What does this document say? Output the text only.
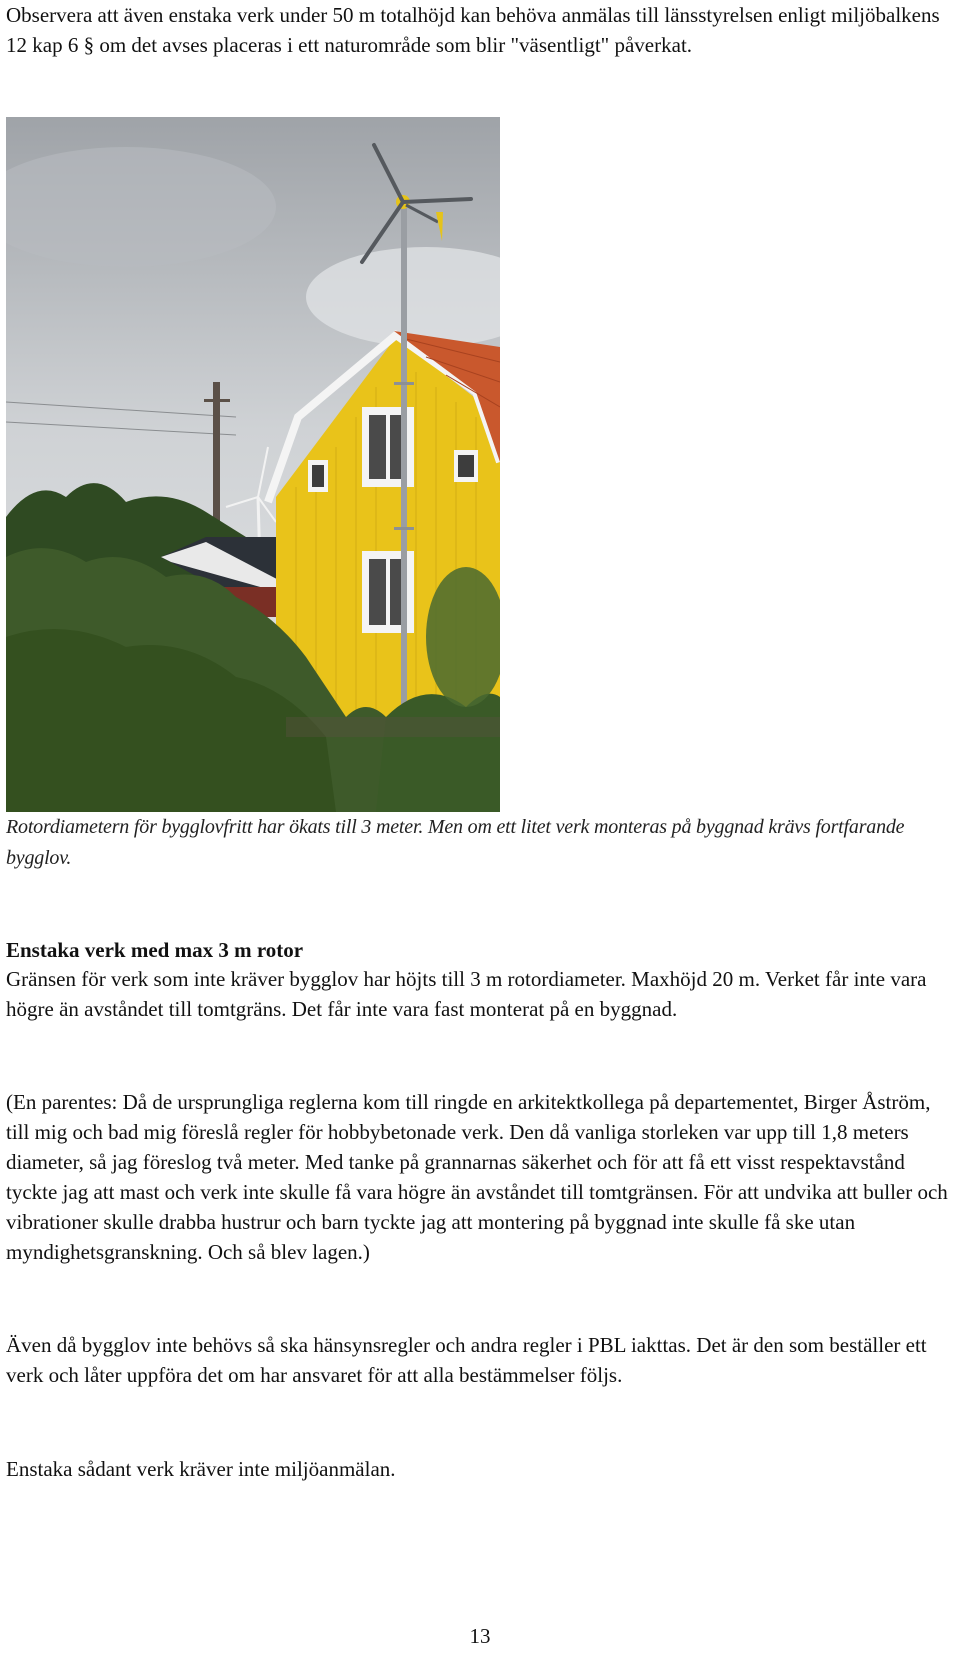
Observera att även enstaka verk under 50 m totalhöjd kan behöva anmälas till länsstyrelsen enligt miljöbalkens 12 kap 6 § om det avses placeras i ett naturområde som blir "väsentligt" påverkat.

Rotordiametern för bygglovfritt har ökats till 3 meter. Men om ett litet verk monteras på byggnad krävs fortfarande bygglov.

Enstaka verk med max 3 m rotor

Gränsen för verk som inte kräver bygglov har höjts till 3 m rotordiameter. Maxhöjd 20 m. Verket får inte vara högre än avståndet till tomtgräns. Det får inte vara fast monterat på en byggnad.

(En parentes: Då de ursprungliga reglerna kom till ringde en arkitektkollega på departementet, Birger Åström, till mig och bad mig föreslå regler för hobbybetonade verk. Den då vanliga storleken var upp till 1,8 meters diameter, så jag föreslog två meter. Med tanke på grannarnas säkerhet och för att få ett visst respektavstånd tyckte jag att mast och verk inte skulle få vara högre än avståndet till tomtgränsen. För att undvika att buller och vibrationer skulle drabba hustrur och barn tyckte jag att montering på byggnad inte skulle få ske utan myndighetsgranskning. Och så blev lagen.)

Även då bygglov inte behövs så ska hänsynsregler och andra regler i PBL iakttas. Det är den som beställer ett verk och låter uppföra det om har ansvaret för att alla bestämmelser följs.

Enstaka sådant verk kräver inte miljöanmälan.

13
